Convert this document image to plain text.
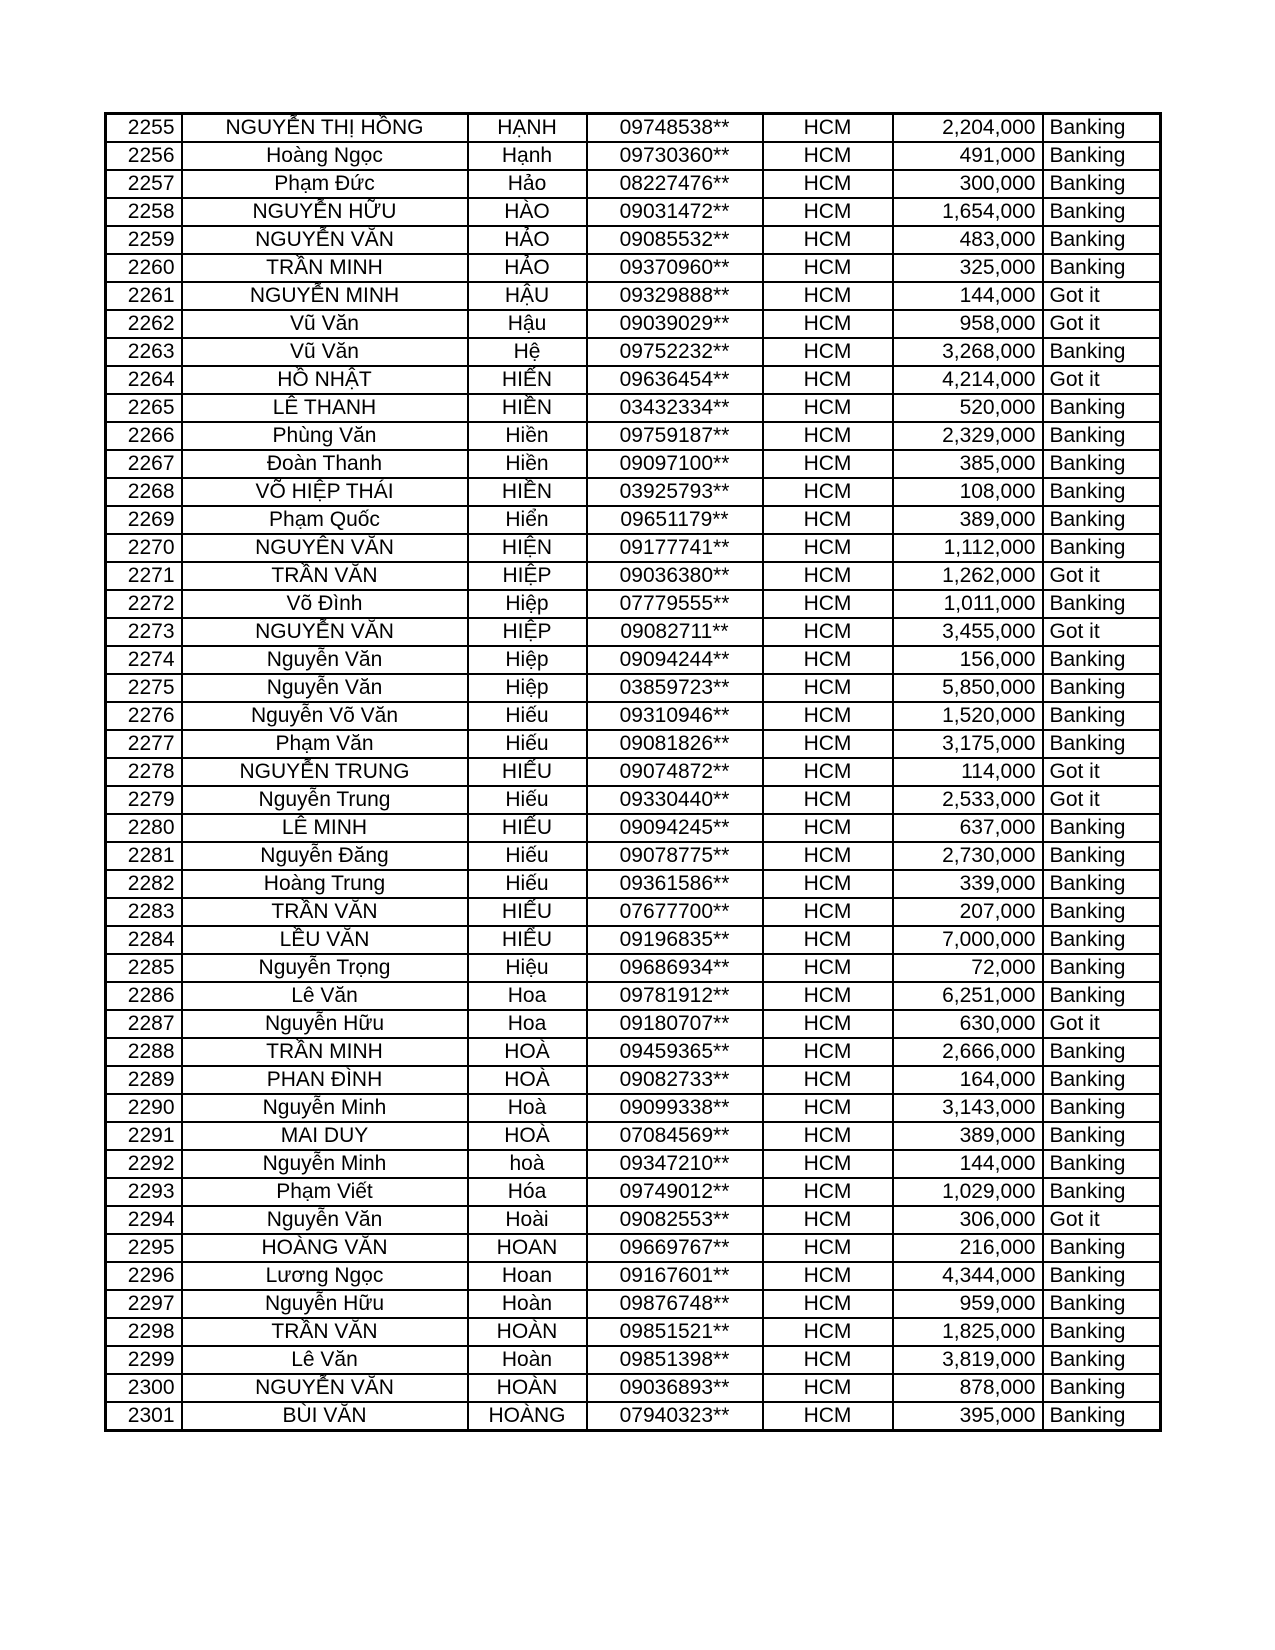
2255	NGUYỄN THỊ HỒNG	HẠNH	09748538**	HCM	2,204,000	Banking
2256	Hoàng Ngọc	Hạnh	09730360**	HCM	491,000	Banking
2257	Phạm Đức	Hảo	08227476**	HCM	300,000	Banking
2258	NGUYỄN HỮU	HÀO	09031472**	HCM	1,654,000	Banking
2259	NGUYỄN VĂN	HẢO	09085532**	HCM	483,000	Banking
2260	TRẦN MINH	HẢO	09370960**	HCM	325,000	Banking
2261	NGUYỄN MINH	HẬU	09329888**	HCM	144,000	Got it
2262	Vũ Văn	Hậu	09039029**	HCM	958,000	Got it
2263	Vũ Văn	Hệ	09752232**	HCM	3,268,000	Banking
2264	HỒ NHẬT	HIẾN	09636454**	HCM	4,214,000	Got it
2265	LÊ THANH	HIỀN	03432334**	HCM	520,000	Banking
2266	Phùng Văn	Hiền	09759187**	HCM	2,329,000	Banking
2267	Đoàn Thanh	Hiền	09097100**	HCM	385,000	Banking
2268	VÕ HIỆP THÁI	HIỀN	03925793**	HCM	108,000	Banking
2269	Phạm Quốc	Hiển	09651179**	HCM	389,000	Banking
2270	NGUYÊN VĂN	HIỆN	09177741**	HCM	1,112,000	Banking
2271	TRẦN VĂN	HIỆP	09036380**	HCM	1,262,000	Got it
2272	Võ Đình	Hiệp	07779555**	HCM	1,011,000	Banking
2273	NGUYỄN VĂN	HIỆP	09082711**	HCM	3,455,000	Got it
2274	Nguyễn Văn	Hiệp	09094244**	HCM	156,000	Banking
2275	Nguyễn Văn	Hiệp	03859723**	HCM	5,850,000	Banking
2276	Nguyễn Võ Văn	Hiếu	09310946**	HCM	1,520,000	Banking
2277	Phạm Văn	Hiếu	09081826**	HCM	3,175,000	Banking
2278	NGUYỄN TRUNG	HIẾU	09074872**	HCM	114,000	Got it
2279	Nguyễn Trung	Hiếu	09330440**	HCM	2,533,000	Got it
2280	LÊ MINH	HIẾU	09094245**	HCM	637,000	Banking
2281	Nguyễn Đăng	Hiếu	09078775**	HCM	2,730,000	Banking
2282	Hoàng Trung	Hiếu	09361586**	HCM	339,000	Banking
2283	TRẦN VĂN	HIẾU	07677700**	HCM	207,000	Banking
2284	LỀU VĂN	HIỂU	09196835**	HCM	7,000,000	Banking
2285	Nguyễn Trọng	Hiệu	09686934**	HCM	72,000	Banking
2286	Lê Văn	Hoa	09781912**	HCM	6,251,000	Banking
2287	Nguyễn Hữu	Hoa	09180707**	HCM	630,000	Got it
2288	TRẦN MINH	HOÀ	09459365**	HCM	2,666,000	Banking
2289	PHAN ĐÌNH	HOÀ	09082733**	HCM	164,000	Banking
2290	Nguyễn Minh	Hoà	09099338**	HCM	3,143,000	Banking
2291	MAI DUY	HOÀ	07084569**	HCM	389,000	Banking
2292	Nguyễn Minh	hoà	09347210**	HCM	144,000	Banking
2293	Phạm Viết	Hóa	09749012**	HCM	1,029,000	Banking
2294	Nguyễn Văn	Hoài	09082553**	HCM	306,000	Got it
2295	HOÀNG VĂN	HOAN	09669767**	HCM	216,000	Banking
2296	Lương Ngọc	Hoan	09167601**	HCM	4,344,000	Banking
2297	Nguyễn Hữu	Hoàn	09876748**	HCM	959,000	Banking
2298	TRẦN VĂN	HOÀN	09851521**	HCM	1,825,000	Banking
2299	Lê Văn	Hoàn	09851398**	HCM	3,819,000	Banking
2300	NGUYỄN VĂN	HOÀN	09036893**	HCM	878,000	Banking
2301	BÙI VĂN	HOÀNG	07940323**	HCM	395,000	Banking
